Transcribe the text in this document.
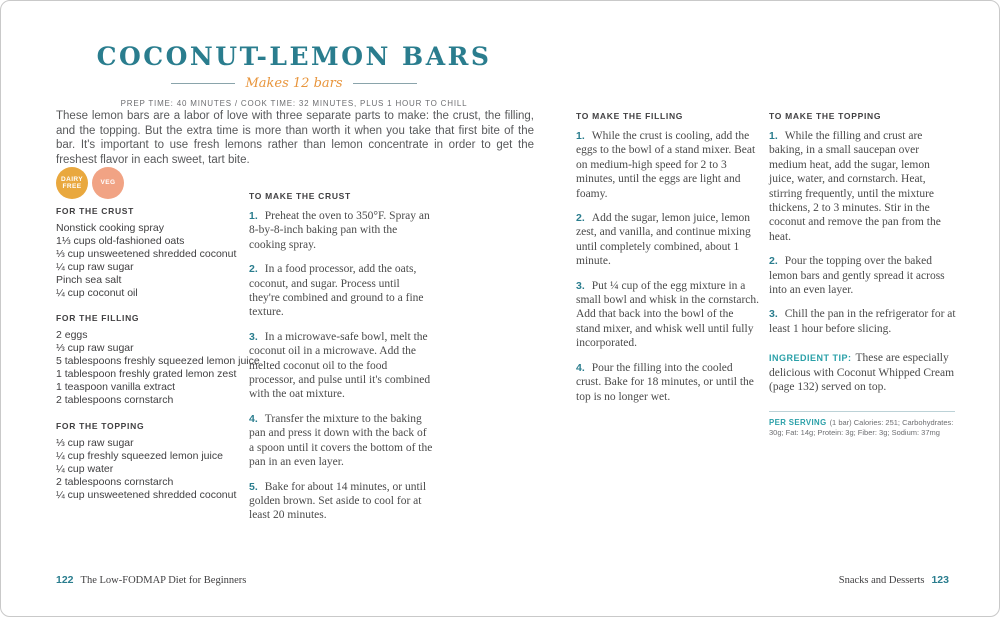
COCONUT-LEMON BARS
Makes 12 bars
PREP TIME: 40 MINUTES / COOK TIME: 32 MINUTES, PLUS 1 HOUR TO CHILL
These lemon bars are a labor of love with three separate parts to make: the crust, the filling, and the topping. But the extra time is more than worth it when you take that first bite of the bar. It's important to use fresh lemons rather than lemon concentrate in order to get the freshest flavor in each sweet, tart bite.
DAIRY
FREE
VEG
FOR THE CRUST
Nonstick cooking spray
1⅓ cups old-fashioned oats
⅓ cup unsweetened shredded coconut
¼ cup raw sugar
Pinch sea salt
¼ cup coconut oil
FOR THE FILLING
2 eggs
⅓ cup raw sugar
5 tablespoons freshly squeezed lemon juice
1 tablespoon freshly grated lemon zest
1 teaspoon vanilla extract
2 tablespoons cornstarch
FOR THE TOPPING
⅓ cup raw sugar
¼ cup freshly squeezed lemon juice
¼ cup water
2 tablespoons cornstarch
¼ cup unsweetened shredded coconut
TO MAKE THE CRUST
1. Preheat the oven to 350°F. Spray an 8-by-8-inch baking pan with the cooking spray.
2. In a food processor, add the oats, coconut, and sugar. Process until they're combined and ground to a fine texture.
3. In a microwave-safe bowl, melt the coconut oil in a microwave. Add the melted coconut oil to the food processor, and pulse until it's combined with the oat mixture.
4. Transfer the mixture to the baking pan and press it down with the back of a spoon until it covers the bottom of the pan in an even layer.
5. Bake for about 14 minutes, or until golden brown. Set aside to cool for at least 20 minutes.
TO MAKE THE FILLING
1. While the crust is cooling, add the eggs to the bowl of a stand mixer. Beat on medium-high speed for 2 to 3 minutes, until the eggs are light and foamy.
2. Add the sugar, lemon juice, lemon zest, and vanilla, and continue mixing until completely combined, about 1 minute.
3. Put ¼ cup of the egg mixture in a small bowl and whisk in the cornstarch. Add that back into the bowl of the stand mixer, and whisk well until fully incorporated.
4. Pour the filling into the cooled crust. Bake for 18 minutes, or until the top is no longer wet.
TO MAKE THE TOPPING
1. While the filling and crust are baking, in a small saucepan over medium heat, add the sugar, lemon juice, water, and cornstarch. Heat, stirring frequently, until the mixture thickens, 2 to 3 minutes. Stir in the coconut and remove the pan from the heat.
2. Pour the topping over the baked lemon bars and gently spread it across into an even layer.
3. Chill the pan in the refrigerator for at least 1 hour before slicing.
INGREDIENT TIP: These are especially delicious with Coconut Whipped Cream (page 132) served on top.
PER SERVING (1 bar) Calories: 251; Carbohydrates: 30g; Fat: 14g; Protein: 3g; Fiber: 3g; Sodium: 37mg
122 The Low-FODMAP Diet for Beginners	Snacks and Desserts 123
